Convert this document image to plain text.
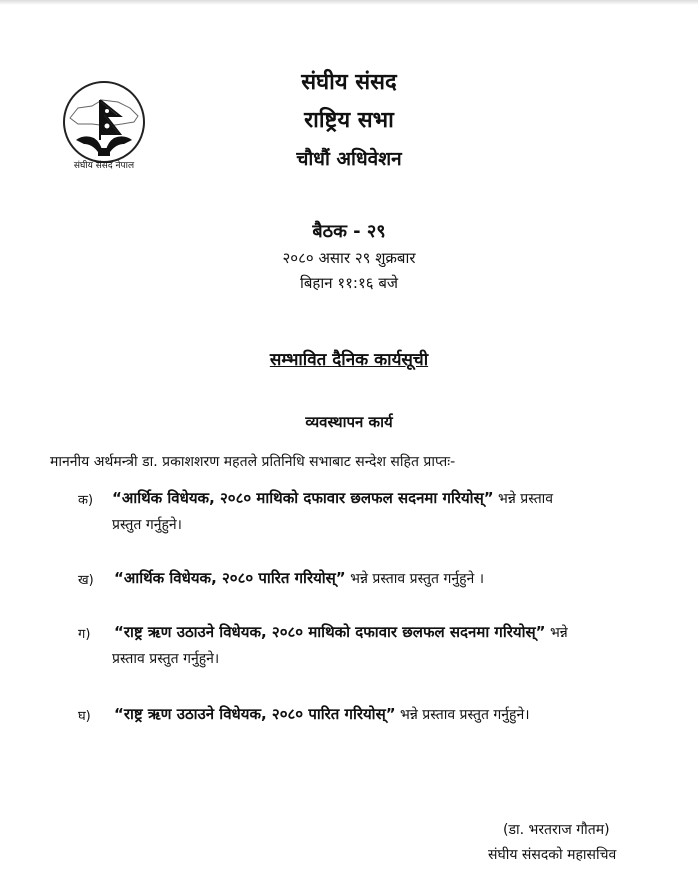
संघीय संसद नेपाल
संघीय संसद
राष्ट्रिय सभा
चौधौं अधिवेशन
बैठक - २९
२०८० असार २९ शुक्रबार
बिहान ११:१६ बजे
सम्भावित दैनिक कार्यसूची
व्यवस्थापन कार्य
माननीय अर्थमन्त्री डा. प्रकाशशरण महतले प्रतिनिधि सभाबाट सन्देश सहित प्राप्तः-
क) “आर्थिक विधेयक, २०८० माथिको दफावार छलफल सदनमा गरियोस्” भन्ने प्रस्ताव
प्रस्तुत गर्नुहुने।
ख) “आर्थिक विधेयक, २०८० पारित गरियोस्” भन्ने प्रस्ताव प्रस्तुत गर्नुहुने ।
ग) “राष्ट्र ऋण उठाउने विधेयक, २०८० माथिको दफावार छलफल सदनमा गरियोस्” भन्ने
प्रस्ताव प्रस्तुत गर्नुहुने।
घ) “राष्ट्र ऋण उठाउने विधेयक, २०८० पारित गरियोस्” भन्ने प्रस्ताव प्रस्तुत गर्नुहुने।
(डा. भरतराज गौतम)
संघीय संसदको महासचिव
